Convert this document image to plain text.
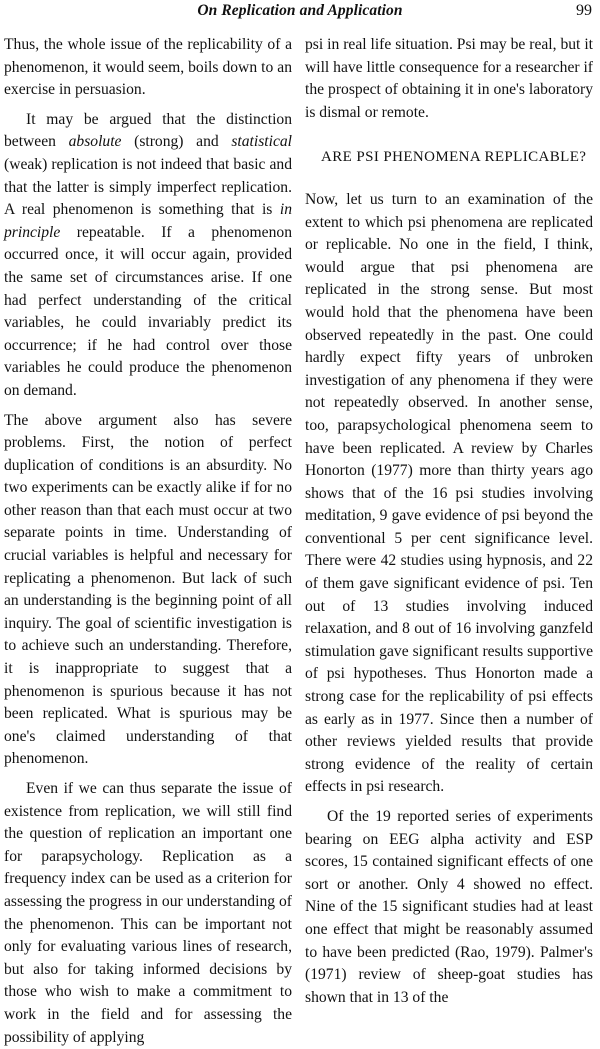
On Replication and Application	99

Thus, the whole issue of the replicability of a phenomenon, it would seem, boils down to an exercise in persuasion.

It may be argued that the distinction between absolute (strong) and statistical (weak) replication is not indeed that basic and that the latter is simply imperfect replication. A real phenomenon is something that is in principle repeatable. If a phenomenon occurred once, it will occur again, provided the same set of circumstances arise. If one had perfect understanding of the critical variables, he could invariably predict its occurrence; if he had control over those variables he could produce the phenomenon on demand.

The above argument also has severe problems. First, the notion of perfect duplication of conditions is an absurdity. No two experiments can be exactly alike if for no other reason than that each must occur at two separate points in time. Understanding of crucial variables is helpful and necessary for replicating a phenomenon. But lack of such an understanding is the beginning point of all inquiry. The goal of scientific investigation is to achieve such an understanding. Therefore, it is inappropriate to suggest that a phenomenon is spurious because it has not been replicated. What is spurious may be one's claimed understanding of that phenomenon.

Even if we can thus separate the issue of existence from replication, we will still find the question of replication an important one for parapsychology. Replication as a frequency index can be used as a criterion for assessing the progress in our understanding of the phenomenon. This can be important not only for evaluating various lines of research, but also for taking informed decisions by those who wish to make a commitment to work in the field and for assessing the possibility of applying

psi in real life situation. Psi may be real, but it will have little consequence for a researcher if the prospect of obtaining it in one's laboratory is dismal or remote.

ARE PSI PHENOMENA REPLICABLE?

Now, let us turn to an examination of the extent to which psi phenomena are replicated or replicable. No one in the field, I think, would argue that psi phenomena are replicated in the strong sense. But most would hold that the phenomena have been observed repeatedly in the past. One could hardly expect fifty years of unbroken investigation of any phenomena if they were not repeatedly observed. In another sense, too, parapsychological phenomena seem to have been replicated. A review by Charles Honorton (1977) more than thirty years ago shows that of the 16 psi studies involving meditation, 9 gave evidence of psi beyond the conventional 5 per cent significance level. There were 42 studies using hypnosis, and 22 of them gave significant evidence of psi. Ten out of 13 studies involving induced relaxation, and 8 out of 16 involving ganzfeld stimulation gave significant results supportive of psi hypotheses. Thus Honorton made a strong case for the replicability of psi effects as early as in 1977. Since then a number of other reviews yielded results that provide strong evidence of the reality of certain effects in psi research.

Of the 19 reported series of experiments bearing on EEG alpha activity and ESP scores, 15 contained significant effects of one sort or another. Only 4 showed no effect. Nine of the 15 significant studies had at least one effect that might be reasonably assumed to have been predicted (Rao, 1979). Palmer's (1971) review of sheep-goat studies has shown that in 13 of the
